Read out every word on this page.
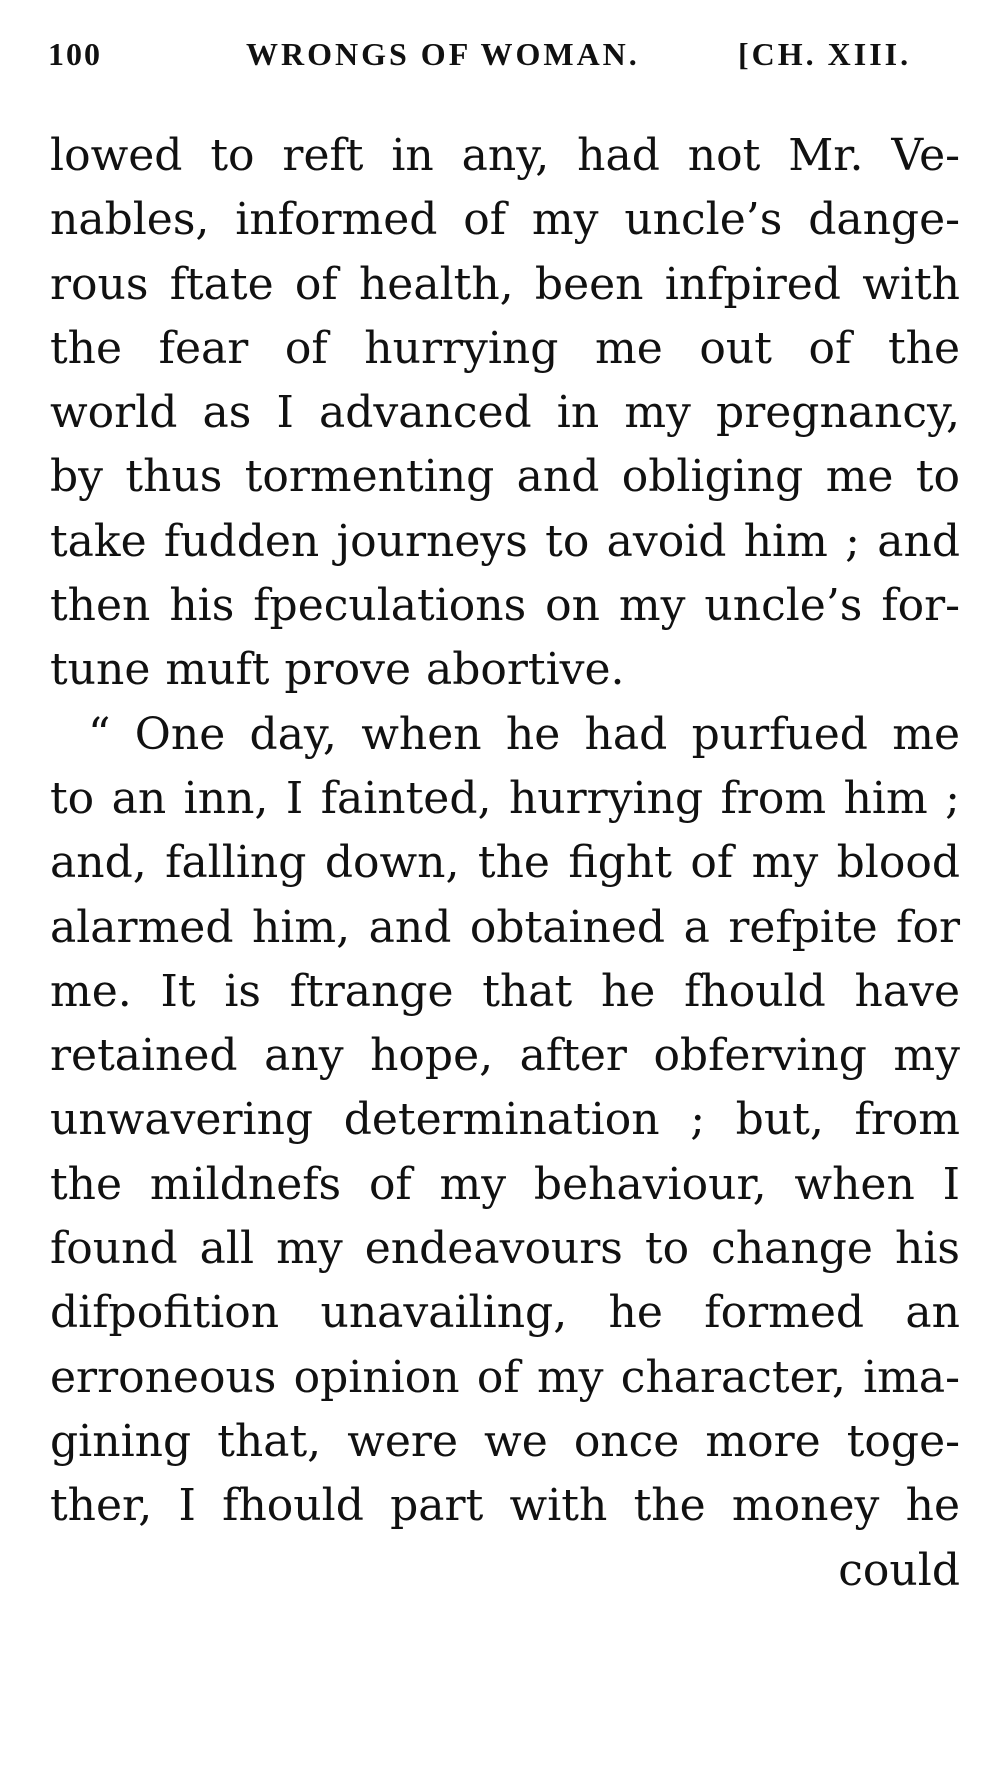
100	WRONGS OF WOMAN.	[CH. XIII.
lowed to reft in any, had not Mr. Ve-
nables, informed of my uncle’s dange-
rous ftate of health, been infpired with
the fear of hurrying me out of the
world as I advanced in my pregnancy,
by thus tormenting and obliging me to
take fudden journeys to avoid him ; and
then his fpeculations on my uncle’s for-
tune muft prove abortive.
“ One day, when he had purfued me
to an inn, I fainted, hurrying from him ;
and, falling down, the fight of my blood
alarmed him, and obtained a refpite for
me. It is ftrange that he fhould have
retained any hope, after obferving my
unwavering determination ; but, from
the mildnefs of my behaviour, when I
found all my endeavours to change his
difpofition unavailing, he formed an
erroneous opinion of my character, ima-
gining that, were we once more toge-
ther, I fhould part with the money he
could
